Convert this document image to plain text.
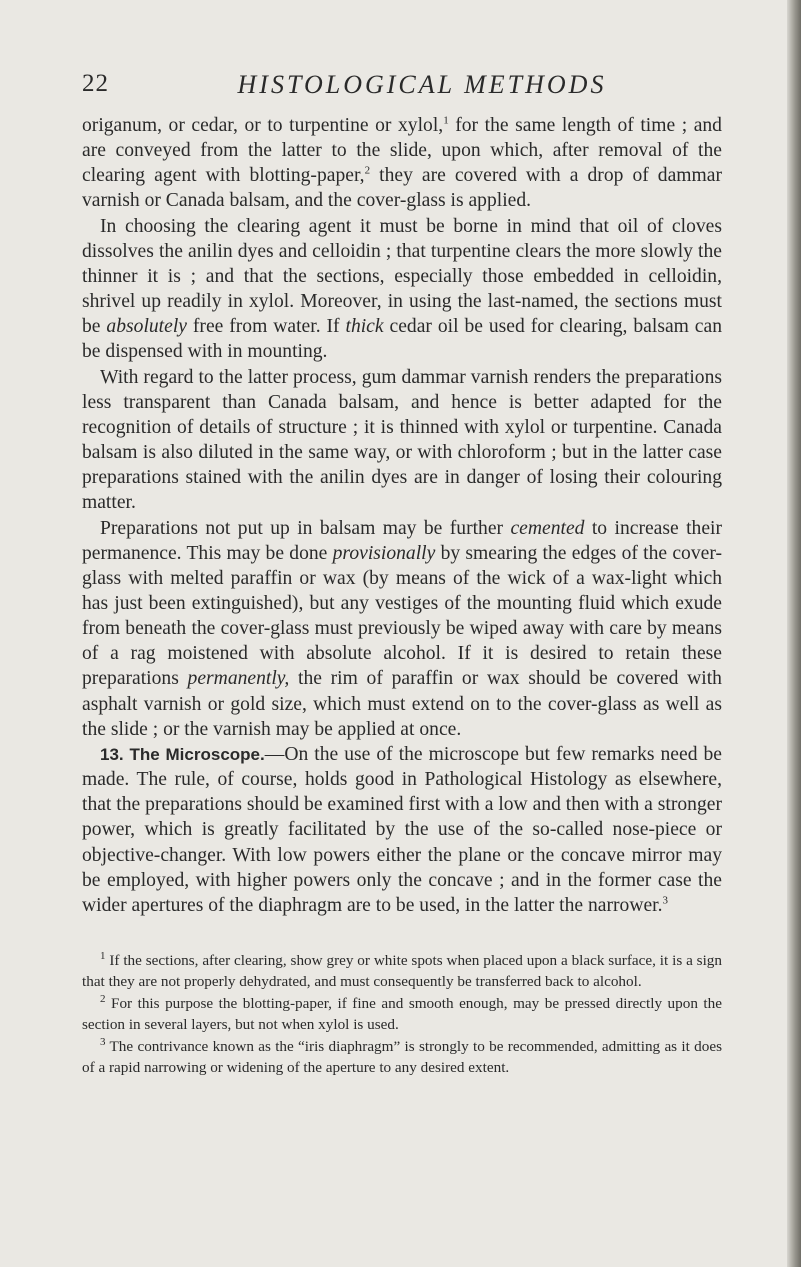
22	HISTOLOGICAL METHODS

origanum, or cedar, or to turpentine or xylol,$^1$ for the same length of time ; and are conveyed from the latter to the slide, upon which, after removal of the clearing agent with blotting-paper,$^2$ they are covered with a drop of dammar varnish or Canada balsam, and the cover-glass is applied.

In choosing the clearing agent it must be borne in mind that oil of cloves dissolves the anilin dyes and celloidin ; that turpentine clears the more slowly the thinner it is ; and that the sections, especially those embedded in celloidin, shrivel up readily in xylol. Moreover, in using the last-named, the sections must be absolutely free from water. If thick cedar oil be used for clearing, balsam can be dispensed with in mounting.

With regard to the latter process, gum dammar varnish renders the preparations less transparent than Canada balsam, and hence is better adapted for the recognition of details of structure ; it is thinned with xylol or turpentine. Canada balsam is also diluted in the same way, or with chloroform ; but in the latter case preparations stained with the anilin dyes are in danger of losing their colouring matter.

Preparations not put up in balsam may be further cemented to increase their permanence. This may be done provisionally by smearing the edges of the cover-glass with melted paraffin or wax (by means of the wick of a wax-light which has just been extinguished), but any vestiges of the mounting fluid which exude from beneath the cover-glass must previously be wiped away with care by means of a rag moistened with absolute alcohol. If it is desired to retain these preparations permanently, the rim of paraffin or wax should be covered with asphalt varnish or gold size, which must extend on to the cover-glass as well as the slide ; or the varnish may be applied at once.

13. The Microscope.—On the use of the microscope but few remarks need be made. The rule, of course, holds good in Pathological Histology as elsewhere, that the preparations should be examined first with a low and then with a stronger power, which is greatly facilitated by the use of the so-called nose-piece or objective-changer. With low powers either the plane or the concave mirror may be employed, with higher powers only the concave ; and in the former case the wider apertures of the diaphragm are to be used, in the latter the narrower.$^3$

$^1$ If the sections, after clearing, show grey or white spots when placed upon a black surface, it is a sign that they are not properly dehydrated, and must consequently be transferred back to alcohol.

$^2$ For this purpose the blotting-paper, if fine and smooth enough, may be pressed directly upon the section in several layers, but not when xylol is used.

$^3$ The contrivance known as the “iris diaphragm” is strongly to be recommended, admitting as it does of a rapid narrowing or widening of the aperture to any desired extent.
